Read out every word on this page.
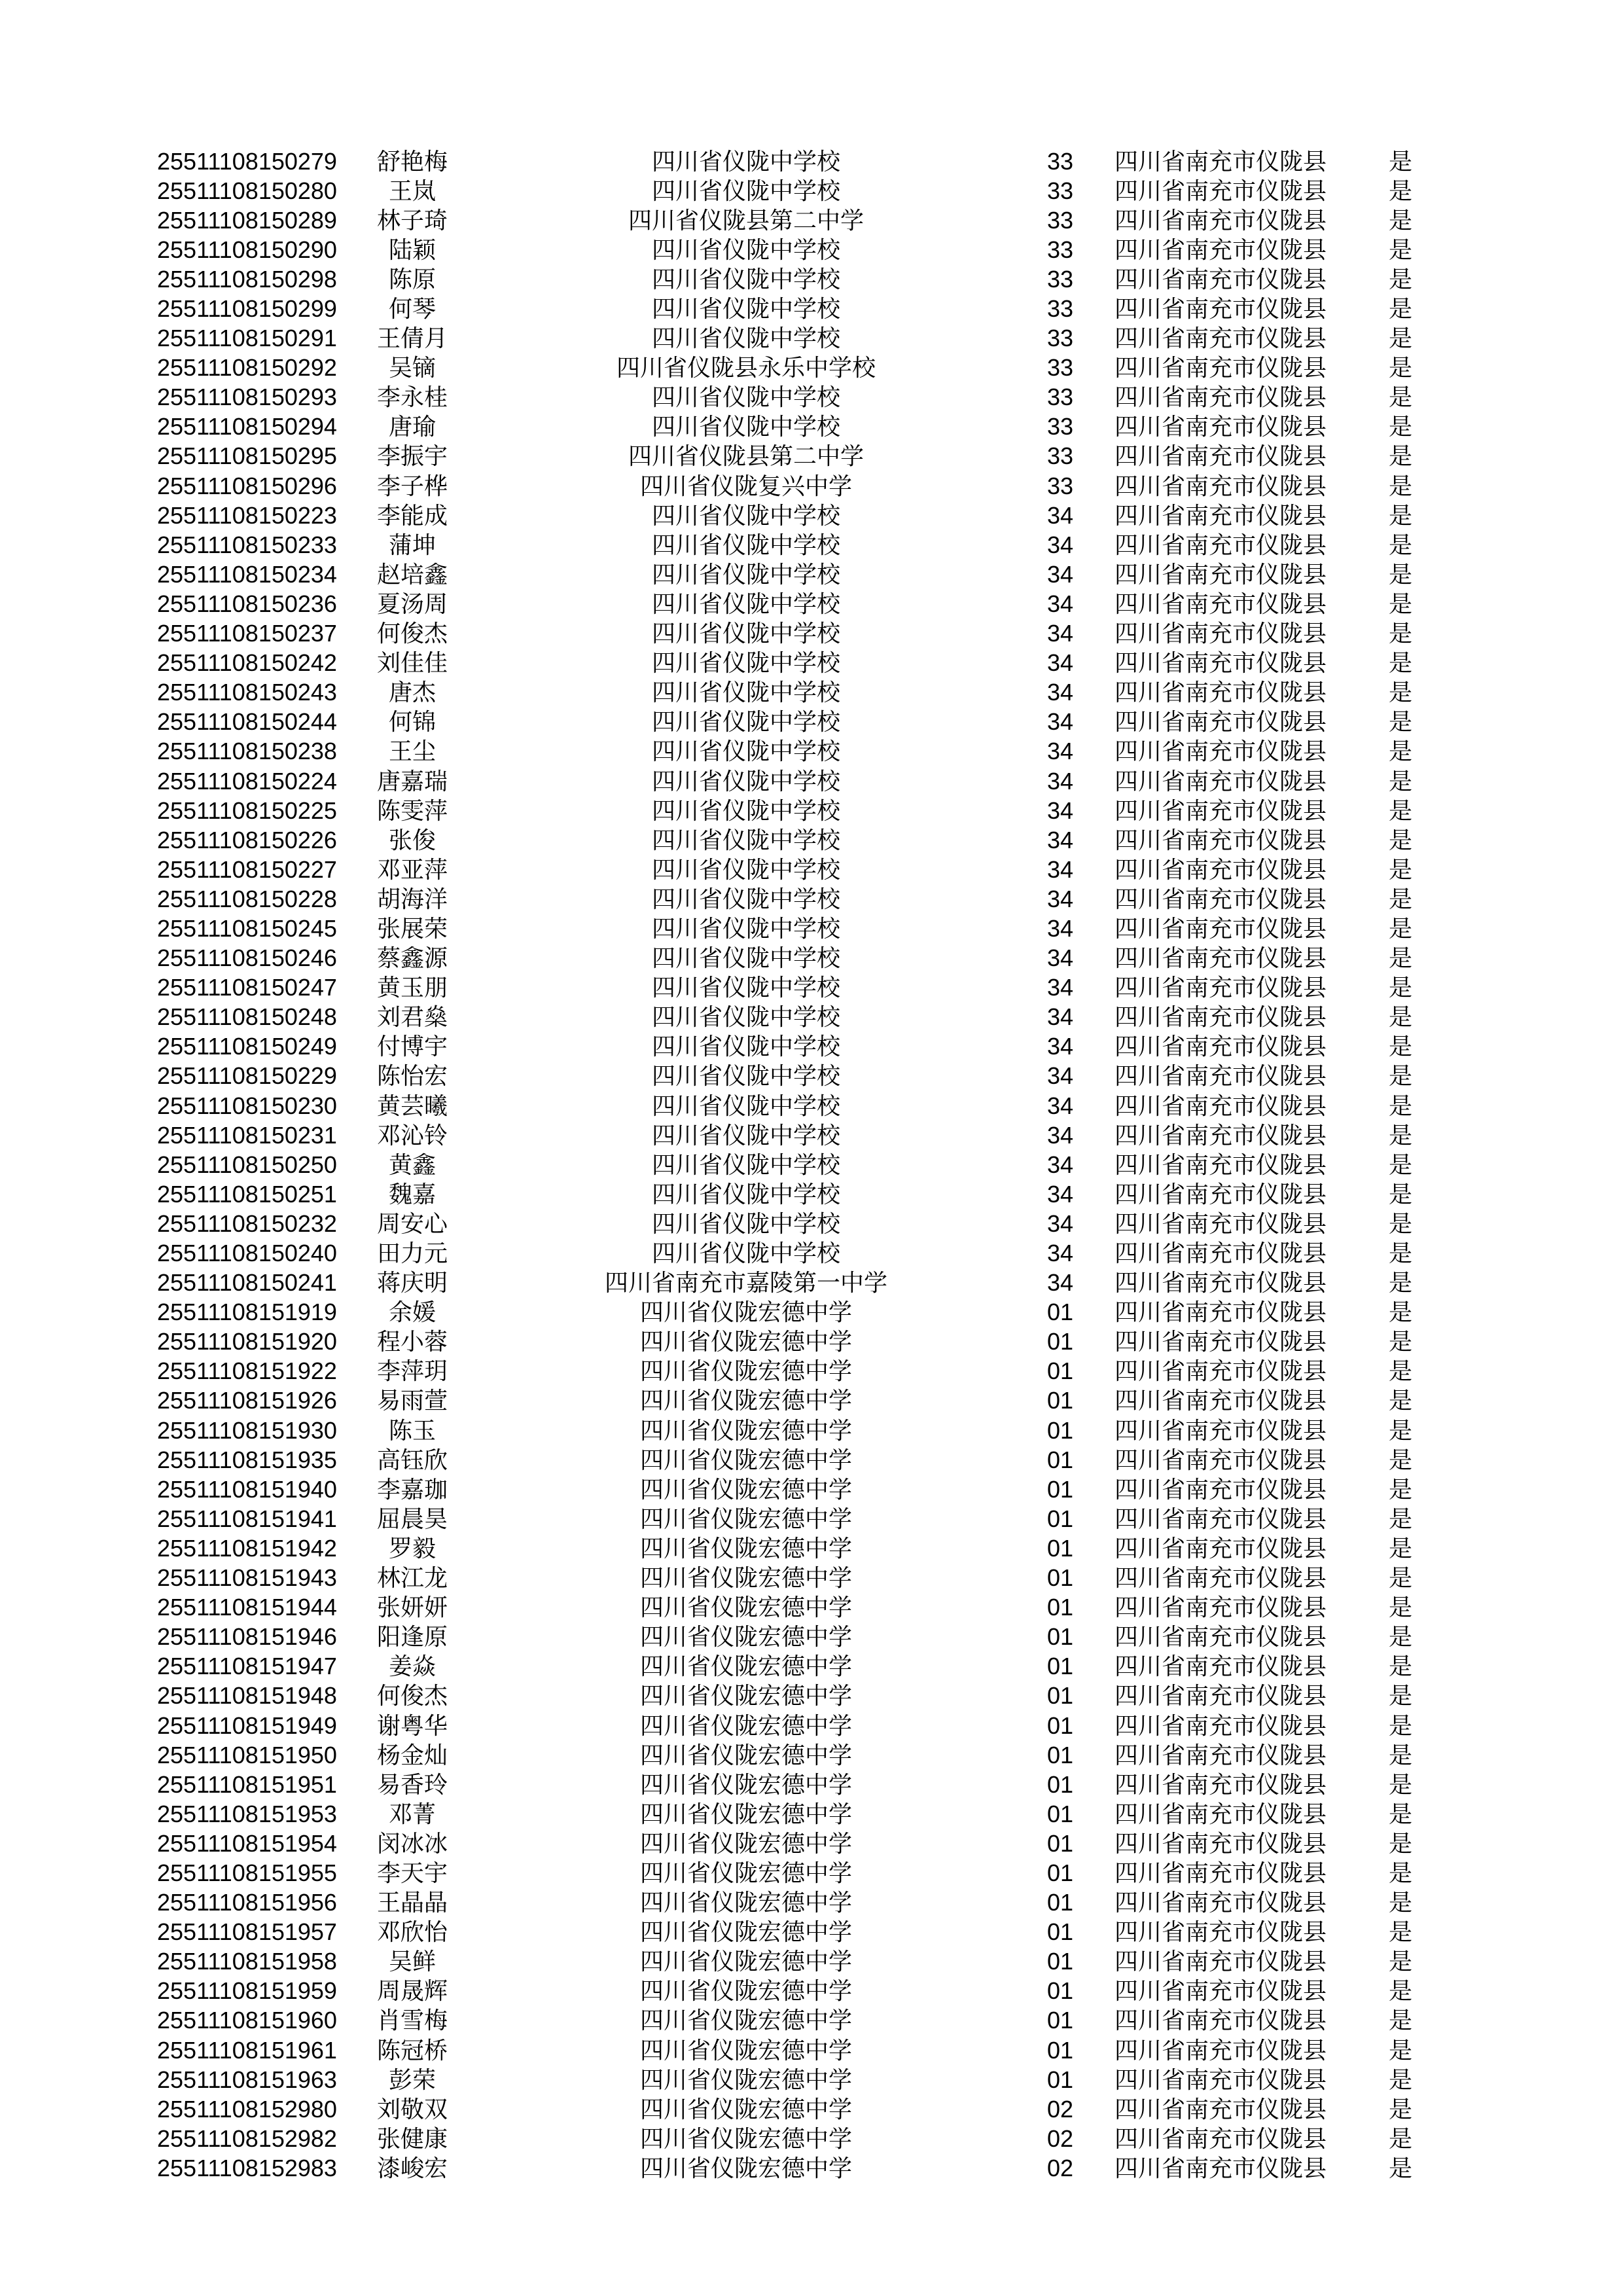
25511108150279	舒艳梅	四川省仪陇中学校	33	四川省南充市仪陇县	是
25511108150280	王岚	四川省仪陇中学校	33	四川省南充市仪陇县	是
25511108150289	林子琦	四川省仪陇县第二中学	33	四川省南充市仪陇县	是
25511108150290	陆颖	四川省仪陇中学校	33	四川省南充市仪陇县	是
25511108150298	陈原	四川省仪陇中学校	33	四川省南充市仪陇县	是
25511108150299	何琴	四川省仪陇中学校	33	四川省南充市仪陇县	是
25511108150291	王倩月	四川省仪陇中学校	33	四川省南充市仪陇县	是
25511108150292	吴镝	四川省仪陇县永乐中学校	33	四川省南充市仪陇县	是
25511108150293	李永桂	四川省仪陇中学校	33	四川省南充市仪陇县	是
25511108150294	唐瑜	四川省仪陇中学校	33	四川省南充市仪陇县	是
25511108150295	李振宇	四川省仪陇县第二中学	33	四川省南充市仪陇县	是
25511108150296	李子桦	四川省仪陇复兴中学	33	四川省南充市仪陇县	是
25511108150223	李能成	四川省仪陇中学校	34	四川省南充市仪陇县	是
25511108150233	蒲坤	四川省仪陇中学校	34	四川省南充市仪陇县	是
25511108150234	赵培鑫	四川省仪陇中学校	34	四川省南充市仪陇县	是
25511108150236	夏汤周	四川省仪陇中学校	34	四川省南充市仪陇县	是
25511108150237	何俊杰	四川省仪陇中学校	34	四川省南充市仪陇县	是
25511108150242	刘佳佳	四川省仪陇中学校	34	四川省南充市仪陇县	是
25511108150243	唐杰	四川省仪陇中学校	34	四川省南充市仪陇县	是
25511108150244	何锦	四川省仪陇中学校	34	四川省南充市仪陇县	是
25511108150238	王尘	四川省仪陇中学校	34	四川省南充市仪陇县	是
25511108150224	唐嘉瑞	四川省仪陇中学校	34	四川省南充市仪陇县	是
25511108150225	陈雯萍	四川省仪陇中学校	34	四川省南充市仪陇县	是
25511108150226	张俊	四川省仪陇中学校	34	四川省南充市仪陇县	是
25511108150227	邓亚萍	四川省仪陇中学校	34	四川省南充市仪陇县	是
25511108150228	胡海洋	四川省仪陇中学校	34	四川省南充市仪陇县	是
25511108150245	张展荣	四川省仪陇中学校	34	四川省南充市仪陇县	是
25511108150246	蔡鑫源	四川省仪陇中学校	34	四川省南充市仪陇县	是
25511108150247	黄玉朋	四川省仪陇中学校	34	四川省南充市仪陇县	是
25511108150248	刘君燊	四川省仪陇中学校	34	四川省南充市仪陇县	是
25511108150249	付博宇	四川省仪陇中学校	34	四川省南充市仪陇县	是
25511108150229	陈怡宏	四川省仪陇中学校	34	四川省南充市仪陇县	是
25511108150230	黄芸曦	四川省仪陇中学校	34	四川省南充市仪陇县	是
25511108150231	邓沁铃	四川省仪陇中学校	34	四川省南充市仪陇县	是
25511108150250	黄鑫	四川省仪陇中学校	34	四川省南充市仪陇县	是
25511108150251	魏嘉	四川省仪陇中学校	34	四川省南充市仪陇县	是
25511108150232	周安心	四川省仪陇中学校	34	四川省南充市仪陇县	是
25511108150240	田力元	四川省仪陇中学校	34	四川省南充市仪陇县	是
25511108150241	蒋庆明	四川省南充市嘉陵第一中学	34	四川省南充市仪陇县	是
25511108151919	余媛	四川省仪陇宏德中学	01	四川省南充市仪陇县	是
25511108151920	程小蓉	四川省仪陇宏德中学	01	四川省南充市仪陇县	是
25511108151922	李萍玥	四川省仪陇宏德中学	01	四川省南充市仪陇县	是
25511108151926	易雨萱	四川省仪陇宏德中学	01	四川省南充市仪陇县	是
25511108151930	陈玉	四川省仪陇宏德中学	01	四川省南充市仪陇县	是
25511108151935	高钰欣	四川省仪陇宏德中学	01	四川省南充市仪陇县	是
25511108151940	李嘉珈	四川省仪陇宏德中学	01	四川省南充市仪陇县	是
25511108151941	屈晨昊	四川省仪陇宏德中学	01	四川省南充市仪陇县	是
25511108151942	罗毅	四川省仪陇宏德中学	01	四川省南充市仪陇县	是
25511108151943	林江龙	四川省仪陇宏德中学	01	四川省南充市仪陇县	是
25511108151944	张妍妍	四川省仪陇宏德中学	01	四川省南充市仪陇县	是
25511108151946	阳逢原	四川省仪陇宏德中学	01	四川省南充市仪陇县	是
25511108151947	姜焱	四川省仪陇宏德中学	01	四川省南充市仪陇县	是
25511108151948	何俊杰	四川省仪陇宏德中学	01	四川省南充市仪陇县	是
25511108151949	谢粤华	四川省仪陇宏德中学	01	四川省南充市仪陇县	是
25511108151950	杨金灿	四川省仪陇宏德中学	01	四川省南充市仪陇县	是
25511108151951	易香玲	四川省仪陇宏德中学	01	四川省南充市仪陇县	是
25511108151953	邓菁	四川省仪陇宏德中学	01	四川省南充市仪陇县	是
25511108151954	闵冰冰	四川省仪陇宏德中学	01	四川省南充市仪陇县	是
25511108151955	李天宇	四川省仪陇宏德中学	01	四川省南充市仪陇县	是
25511108151956	王晶晶	四川省仪陇宏德中学	01	四川省南充市仪陇县	是
25511108151957	邓欣怡	四川省仪陇宏德中学	01	四川省南充市仪陇县	是
25511108151958	吴鲜	四川省仪陇宏德中学	01	四川省南充市仪陇县	是
25511108151959	周晟辉	四川省仪陇宏德中学	01	四川省南充市仪陇县	是
25511108151960	肖雪梅	四川省仪陇宏德中学	01	四川省南充市仪陇县	是
25511108151961	陈冠桥	四川省仪陇宏德中学	01	四川省南充市仪陇县	是
25511108151963	彭荣	四川省仪陇宏德中学	01	四川省南充市仪陇县	是
25511108152980	刘敬双	四川省仪陇宏德中学	02	四川省南充市仪陇县	是
25511108152982	张健康	四川省仪陇宏德中学	02	四川省南充市仪陇县	是
25511108152983	漆峻宏	四川省仪陇宏德中学	02	四川省南充市仪陇县	是
